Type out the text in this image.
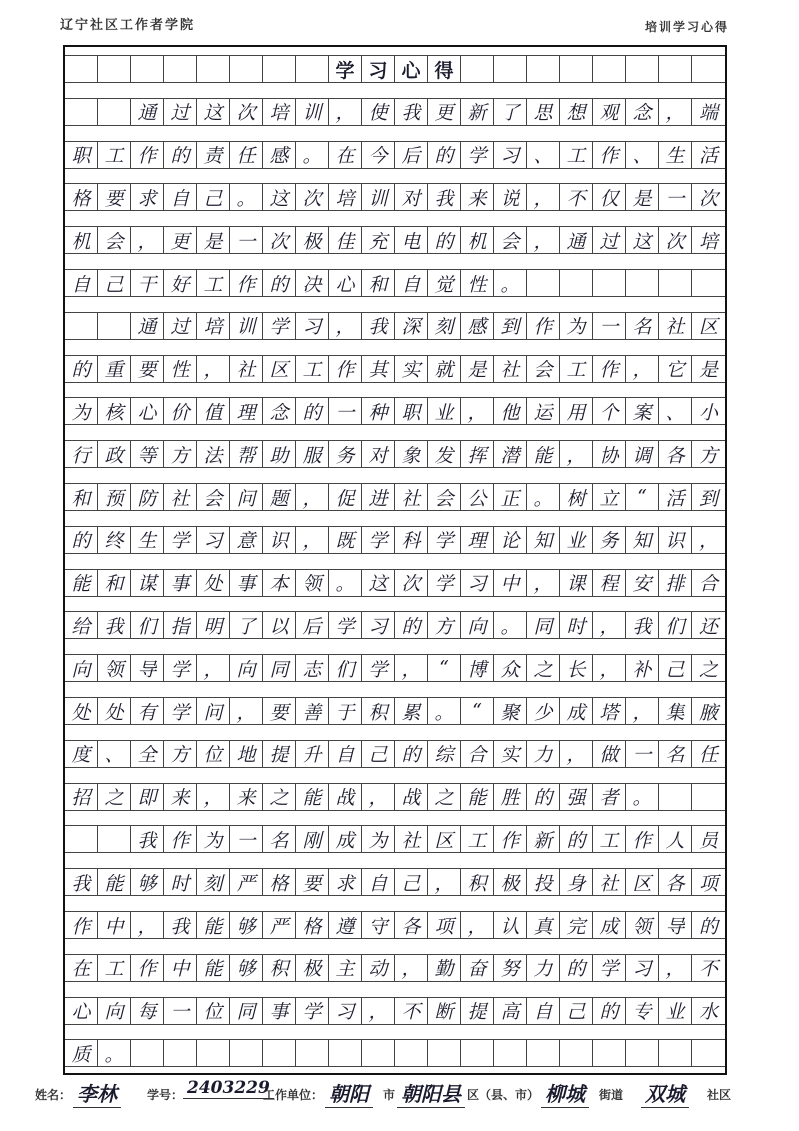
辽宁社区工作者学院	培训学习心得
学 习 心 得
通 过 这 次 培 训 ， 使 我 更 新 了 思 想 观 念 ， 端
职 工 作 的 责 任 感 。 在 今 后 的 学 习 、 工 作 、 生 活
格 要 求 自 己 。 这 次 培 训 对 我 来 说 ， 不 仅 是 一 次
机 会 ， 更 是 一 次 极 佳 充 电 的 机 会 ， 通 过 这 次 培
自 己 干 好 工 作 的 决 心 和 自 觉 性 。
通 过 培 训 学 习 ， 我 深 刻 感 到 作 为 一 名 社 区
的 重 要 性 ， 社 区 工 作 其 实 就 是 社 会 工 作 ， 它 是
为 核 心 价 值 理 念 的 一 种 职 业 ， 他 运 用 个 案 、 小
行 政 等 方 法 帮 助 服 务 对 象 发 挥 潜 能 ， 协 调 各 方
和 预 防 社 会 问 题 ， 促 进 社 会 公 正 。 树 立 “ 活 到
的 终 生 学 习 意 识 ， 既 学 科 学 理 论 知 业 务 知 识 ，
能 和 谋 事 处 事 本 领 。 这 次 学 习 中 ， 课 程 安 排 合
给 我 们 指 明 了 以 后 学 习 的 方 向 。 同 时 ， 我 们 还
向 领 导 学 ， 向 同 志 们 学 ， “ 博 众 之 长 ， 补 己 之
处 处 有 学 问 ， 要 善 于 积 累 。 “ 聚 少 成 塔 ， 集 腋
度 、 全 方 位 地 提 升 自 己 的 综 合 实 力 ， 做 一 名 任
招 之 即 来 ， 来 之 能 战 ， 战 之 能 胜 的 强 者 。
我 作 为 一 名 刚 成 为 社 区 工 作 新 的 工 作 人 员
我 能 够 时 刻 严 格 要 求 自 己 ， 积 极 投 身 社 区 各 项
作 中 ， 我 能 够 严 格 遵 守 各 项 ， 认 真 完 成 领 导 的
在 工 作 中 能 够 积 极 主 动 ， 勤 奋 努 力 的 学 习 ， 不
心 向 每 一 位 同 事 学 习 ， 不 断 提 高 自 己 的 专 业 水
质 。
姓名： 李林	学号： 2403229
工作单位： 朝阳	市 朝阳县 区（县、市） 柳城	街道 双城	社区
